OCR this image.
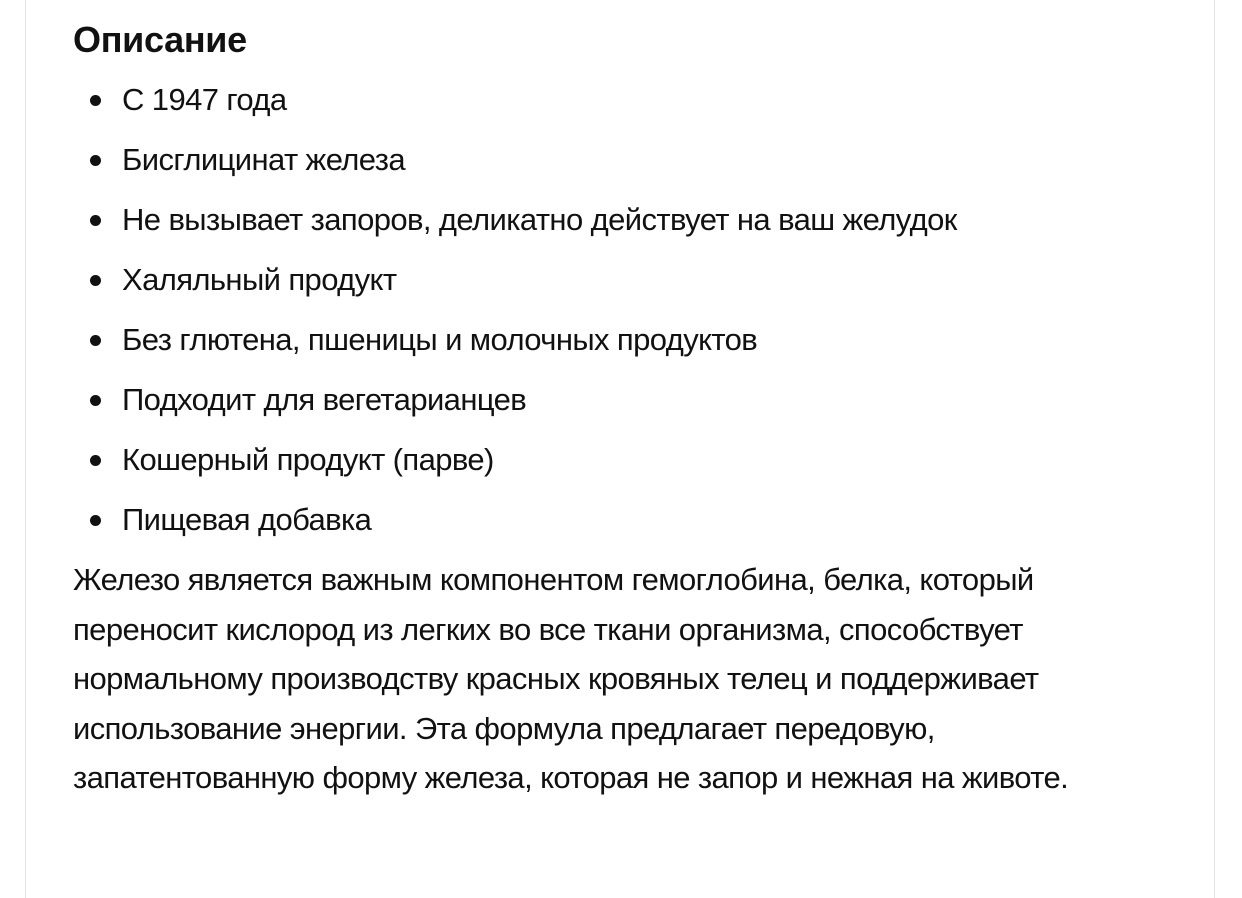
Описание
С 1947 года
Бисглицинат железа
Не вызывает запоров, деликатно действует на ваш желудок
Халяльный продукт
Без глютена, пшеницы и молочных продуктов
Подходит для вегетарианцев
Кошерный продукт (парве)
Пищевая добавка

Железо является важным компонентом гемоглобина, белка, который переносит кислород из легких во все ткани организма, способствует нормальному производству красных кровяных телец и поддерживает использование энергии. Эта формула предлагает передовую, запатентованную форму железа, которая не запор и нежная на животе.
